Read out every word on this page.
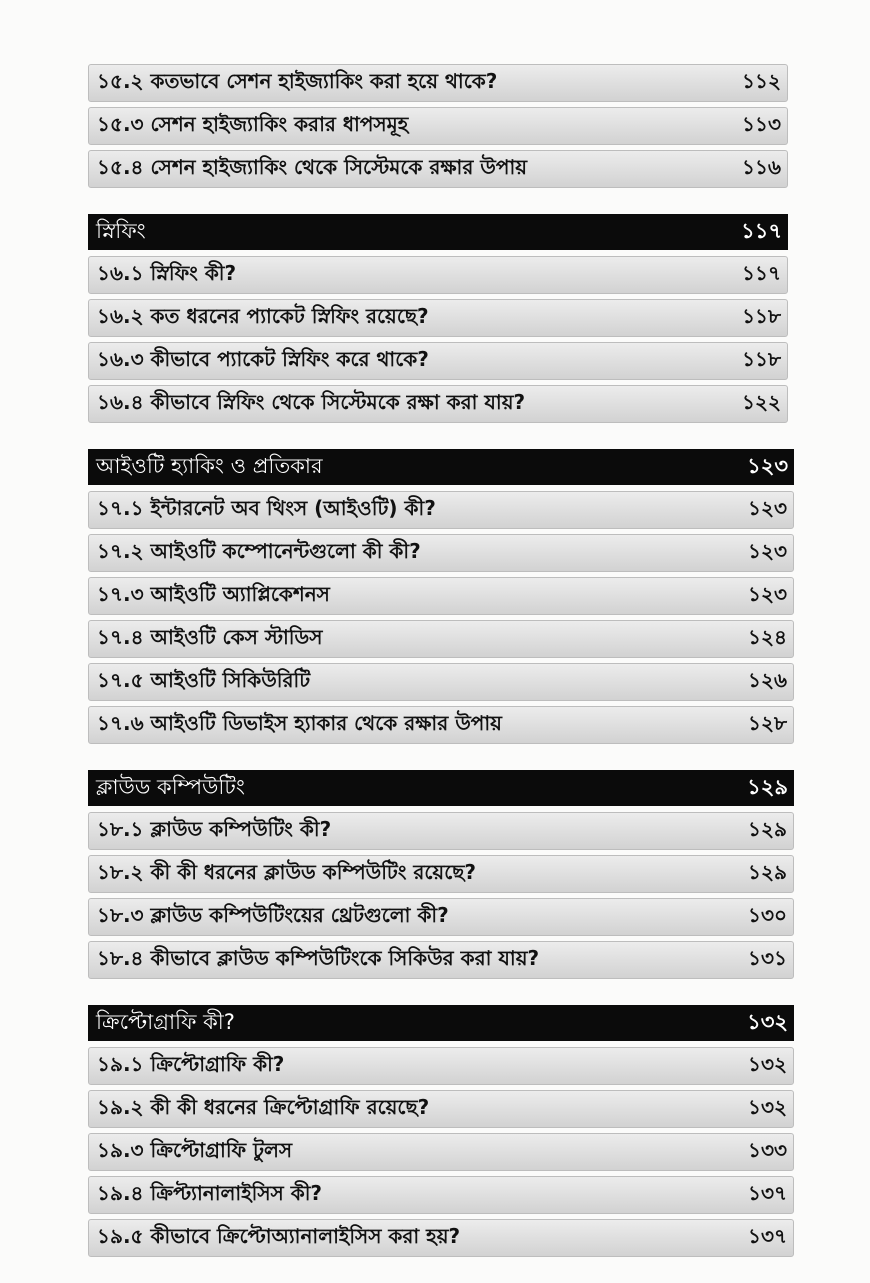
১৫.২ কতভাবে সেশন হাইজ্যাকিং করা হয়ে থাকে?	১১২
১৫.৩ সেশন হাইজ্যাকিং করার ধাপসমূহ	১১৩
১৫.৪ সেশন হাইজ্যাকিং থেকে সিস্টেমকে রক্ষার উপায়	১১৬
স্নিফিং	১১৭
১৬.১ স্নিফিং কী?	১১৭
১৬.২ কত ধরনের প্যাকেট স্নিফিং রয়েছে?	১১৮
১৬.৩ কীভাবে প্যাকেট স্নিফিং করে থাকে?	১১৮
১৬.৪ কীভাবে স্নিফিং থেকে সিস্টেমকে রক্ষা করা যায়?	১২২
আইওটি হ্যাকিং ও প্রতিকার	১২৩
১৭.১ ইন্টারনেট অব থিংস (আইওটি) কী?	১২৩
১৭.২ আইওটি কম্পোনেন্টগুলো কী কী?	১২৩
১৭.৩ আইওটি অ্যাপ্লিকেশনস	১২৩
১৭.৪ আইওটি কেস স্টাডিস	১২৪
১৭.৫ আইওটি সিকিউরিটি	১২৬
১৭.৬ আইওটি ডিভাইস হ্যাকার থেকে রক্ষার উপায়	১২৮
ক্লাউড কম্পিউটিং	১২৯
১৮.১ ক্লাউড কম্পিউটিং কী?	১২৯
১৮.২ কী কী ধরনের ক্লাউড কম্পিউটিং রয়েছে?	১২৯
১৮.৩ ক্লাউড কম্পিউটিংয়ের থ্রেটগুলো কী?	১৩০
১৮.৪ কীভাবে ক্লাউড কম্পিউটিংকে সিকিউর করা যায়?	১৩১
ক্রিপ্টোগ্রাফি কী?	১৩২
১৯.১ ক্রিপ্টোগ্রাফি কী?	১৩২
১৯.২ কী কী ধরনের ক্রিপ্টোগ্রাফি রয়েছে?	১৩২
১৯.৩ ক্রিপ্টোগ্রাফি টুলস	১৩৩
১৯.৪ ক্রিপ্ট্যানালাইসিস কী?	১৩৭
১৯.৫ কীভাবে ক্রিপ্টোঅ্যানালাইসিস করা হয়?	১৩৭
